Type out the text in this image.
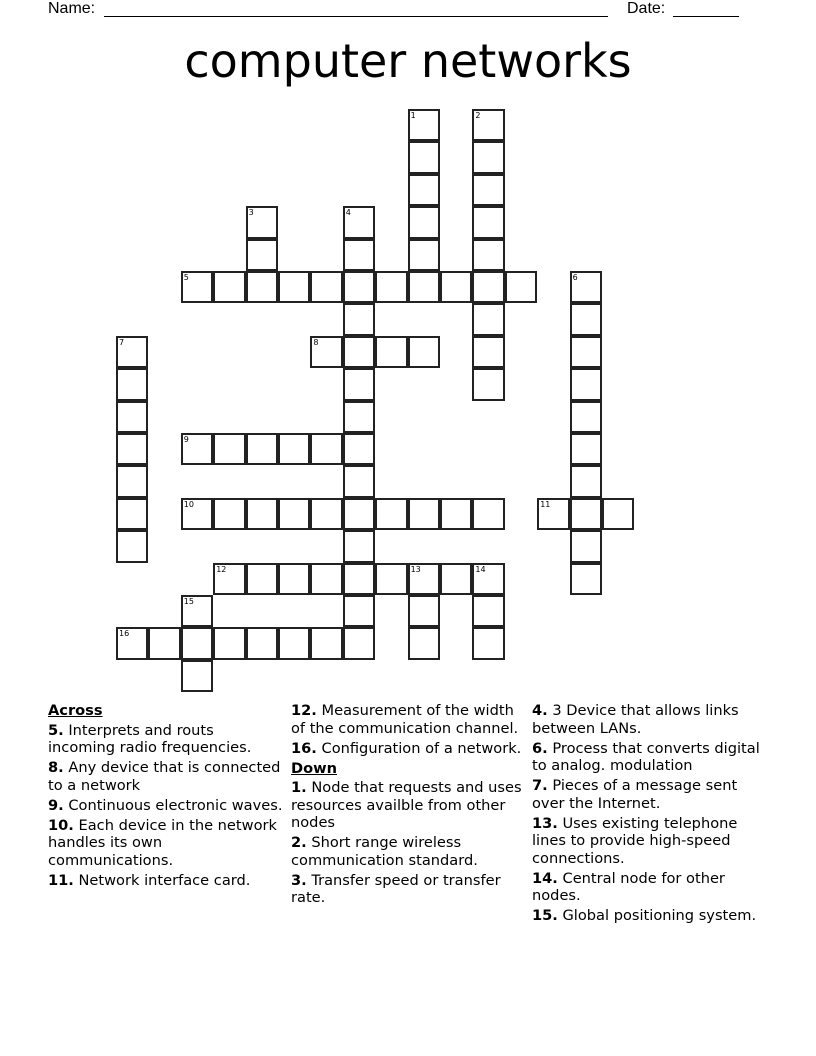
Name:	Date:
computer networks
1	2
3	4
5	6
7	8
9
10	11
12	13	14
15
16
Across
5. Interprets and routs incoming radio frequencies.
8. Any device that is connected to a network
9. Continuous electronic waves.
10. Each device in the network handles its own communications.
11. Network interface card.
12. Measurement of the width of the communication channel.
16. Configuration of a network.
Down
1. Node that requests and uses resources availble from other nodes
2. Short range wireless communication standard.
3. Transfer speed or transfer rate.
4. 3 Device that allows links between LANs.
6. Process that converts digital to analog. modulation
7. Pieces of a message sent over the Internet.
13. Uses existing telephone lines to provide high-speed connections.
14. Central node for other nodes.
15. Global positioning system.
